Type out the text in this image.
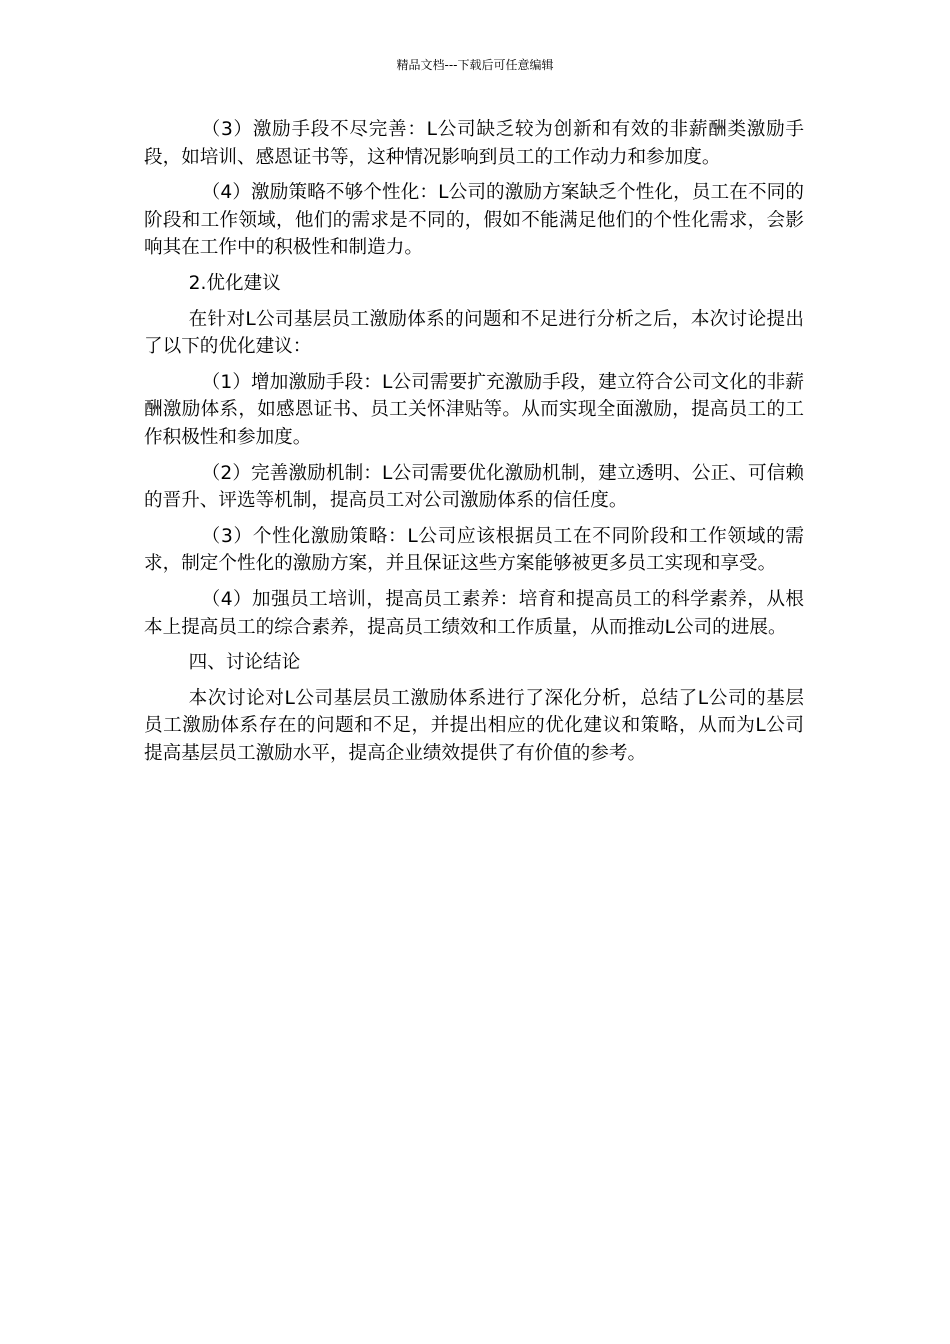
精品文档---下载后可任意编辑

（3）激励手段不尽完善：L公司缺乏较为创新和有效的非薪酬类激励手段，如培训、感恩证书等，这种情况影响到员工的工作动力和参加度。

（4）激励策略不够个性化：L公司的激励方案缺乏个性化，员工在不同的阶段和工作领域，他们的需求是不同的，假如不能满足他们的个性化需求，会影响其在工作中的积极性和制造力。

2.优化建议

在针对L公司基层员工激励体系的问题和不足进行分析之后，本次讨论提出了以下的优化建议：

（1）增加激励手段：L公司需要扩充激励手段，建立符合公司文化的非薪酬激励体系，如感恩证书、员工关怀津贴等。从而实现全面激励，提高员工的工作积极性和参加度。

（2）完善激励机制：L公司需要优化激励机制，建立透明、公正、可信赖的晋升、评选等机制，提高员工对公司激励体系的信任度。

（3）个性化激励策略：L公司应该根据员工在不同阶段和工作领域的需求，制定个性化的激励方案，并且保证这些方案能够被更多员工实现和享受。

（4）加强员工培训，提高员工素养：培育和提高员工的科学素养，从根本上提高员工的综合素养，提高员工绩效和工作质量，从而推动L公司的进展。

四、讨论结论

本次讨论对L公司基层员工激励体系进行了深化分析，总结了L公司的基层员工激励体系存在的问题和不足，并提出相应的优化建议和策略，从而为L公司提高基层员工激励水平，提高企业绩效提供了有价值的参考。
